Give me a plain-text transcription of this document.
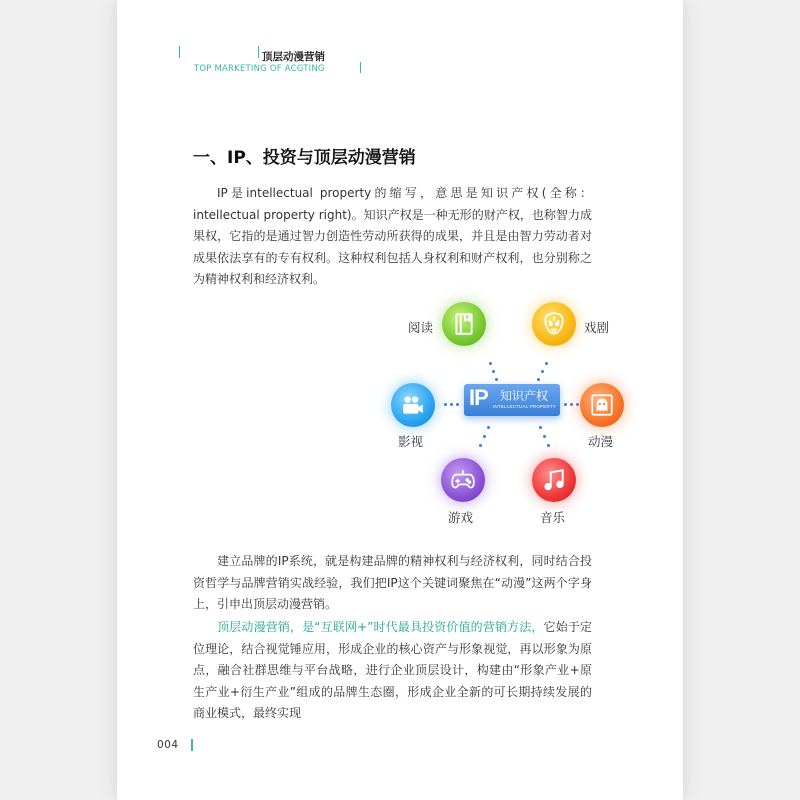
顶层动漫营销
TOP MARKETING OF ACGTING
一、IP、投资与顶层动漫营销

IP是intellectual property的缩写，意思是知识产权(全称：intellectual property right)。知识产权是一种无形的财产权，也称智力成果权，它指的是通过智力创造性劳动所获得的成果，并且是由智力劳动者对成果依法享有的专有权利。这种权利包括人身权利和财产权利，也分别称之为精神权利和经济权利。

阅读	戏剧
影视	动漫
游戏	音乐
IP 知识产权
INTELLECTUAL PROPERTY

建立品牌的IP系统，就是构建品牌的精神权利与经济权利，同时结合投资哲学与品牌营销实战经验，我们把IP这个关键词聚焦在“动漫”这两个字身上，引申出顶层动漫营销。

顶层动漫营销，是“互联网+”时代最具投资价值的营销方法，它始于定位理论，结合视觉锤应用，形成企业的核心资产与形象视觉，再以形象为原点，融合社群思维与平台战略，进行企业顶层设计，构建由“形象产业+原生产业+衍生产业”组成的品牌生态圈，形成企业全新的可长期持续发展的商业模式，最终实现

004
